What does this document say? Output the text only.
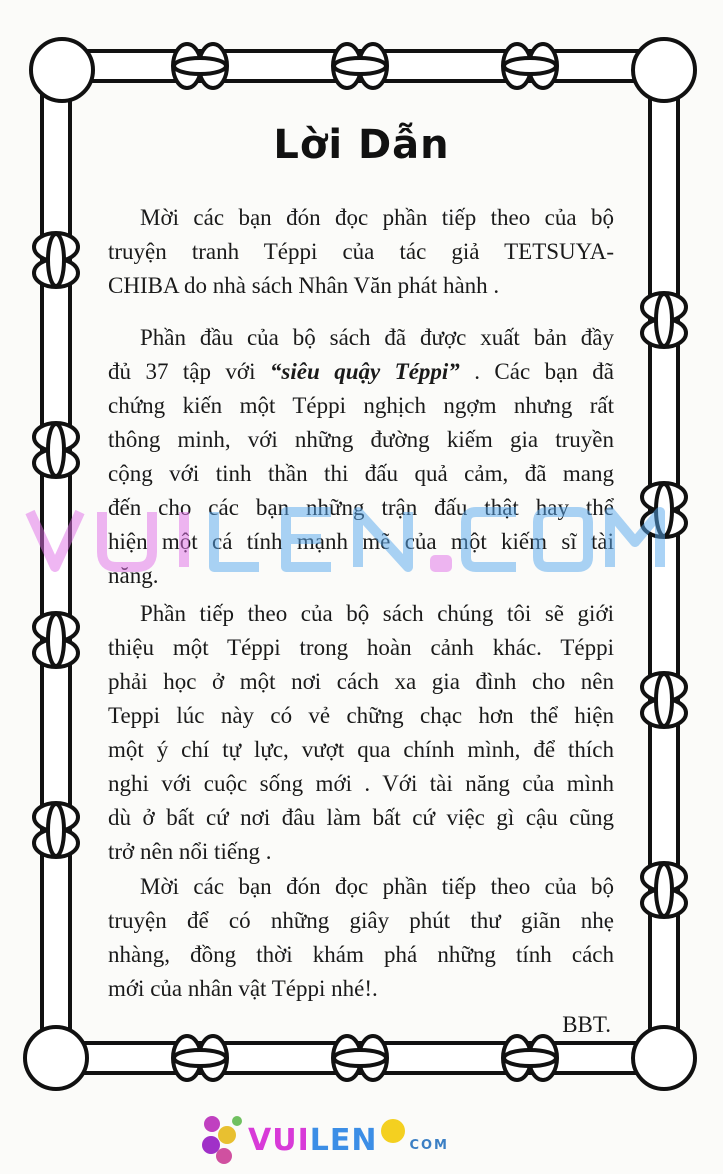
Lời Dẫn
Mời các bạn đón đọc phần tiếp theo của bộ
truyện tranh Téppi của tác giả TETSUYA-
CHIBA do nhà sách Nhân Văn phát hành .
Phần đầu của bộ sách đã được xuất bản đầy
đủ 37 tập với “siêu quậy Téppi” . Các bạn đã
chứng kiến một Téppi nghịch ngợm nhưng rất
thông minh, với những đường kiếm gia truyền
cộng với tinh thần thi đấu quả cảm, đã mang
đến cho các bạn những trận đấu thật hay thể
hiện một cá tính mạnh mẽ của một kiếm sĩ tài
năng.
Phần tiếp theo của bộ sách chúng tôi sẽ giới
thiệu một Téppi trong hoàn cảnh khác. Téppi
phải học ở một nơi cách xa gia đình cho nên
Teppi lúc này có vẻ chững chạc hơn thể hiện
một ý chí tự lực, vượt qua chính mình, để thích
nghi với cuộc sống mới . Với tài năng của mình
dù ở bất cứ nơi đâu làm bất cứ việc gì cậu cũng
trở nên nổi tiếng .
Mời các bạn đón đọc phần tiếp theo của bộ
truyện để có những giây phút thư giãn nhẹ
nhàng, đồng thời khám phá những tính cách
mới của nhân vật Téppi nhé!.
BBT.
VUI LEN COM
